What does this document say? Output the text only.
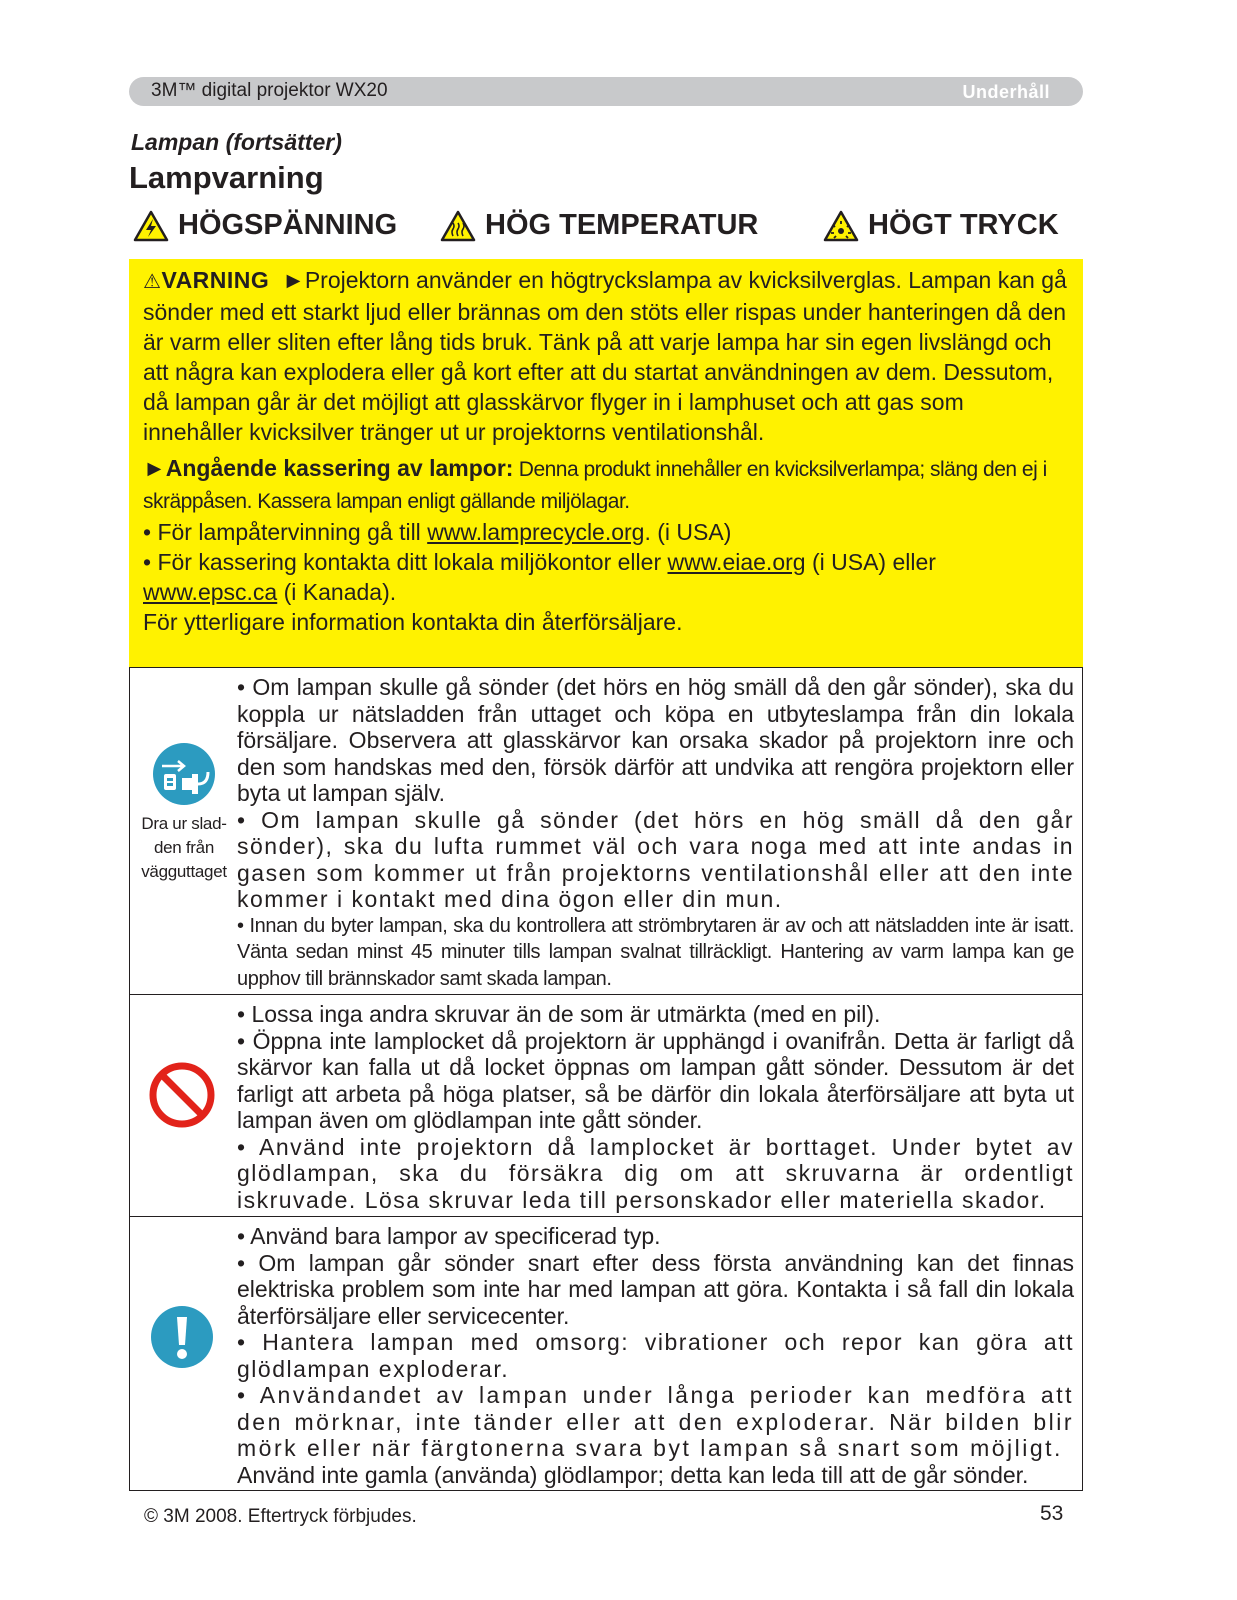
3M™ digital projektor WX20	Underhåll
Lampan (fortsätter)
Lampvarning
HÖGSPÄNNING	HÖG TEMPERATUR	HÖGT TRYCK

⚠VARNING ►Projektorn använder en högtryckslampa av kvicksilverglas. Lampan kan gå sönder med ett starkt ljud eller brännas om den stöts eller rispas under hanteringen då den är varm eller sliten efter lång tids bruk. Tänk på att varje lampa har sin egen livslängd och att några kan explodera eller gå kort efter att du startat användningen av dem. Dessutom, då lampan går är det möjligt att glasskärvor flyger in i lamphuset och att gas som innehåller kvicksilver tränger ut ur projektorns ventilationshål.

►Angående kassering av lampor: Denna produkt innehåller en kvicksilverlampa; släng den ej i skräppåsen. Kassera lampan enligt gällande miljölagar.

• För lampåtervinning gå till www.lamprecycle.org. (i USA)

• För kassering kontakta ditt lokala miljökontor eller www.eiae.org (i USA) eller www.epsc.ca (i Kanada).

För ytterligare information kontakta din återförsäljare.

Dra ur slad-
den från
vägguttaget

• Om lampan skulle gå sönder (det hörs en hög smäll då den går sönder), ska du koppla ur nätsladden från uttaget och köpa en utbyteslampa från din lokala försäljare. Observera att glasskärvor kan orsaka skador på projektorn inre och den som handskas med den, försök därför att undvika att rengöra projektorn eller byta ut lampan själv.

• Om lampan skulle gå sönder (det hörs en hög smäll då den går sönder), ska du lufta rummet väl och vara noga med att inte andas in gasen som kommer ut från projektorns ventilationshål eller att den inte kommer i kontakt med dina ögon eller din mun.

• Innan du byter lampan, ska du kontrollera att strömbrytaren är av och att nätsladden inte är isatt. Vänta sedan minst 45 minuter tills lampan svalnat tillräckligt. Hantering av varm lampa kan ge upphov till brännskador samt skada lampan.

• Lossa inga andra skruvar än de som är utmärkta (med en pil).

• Öppna inte lamplocket då projektorn är upphängd i ovanifrån. Detta är farligt då skärvor kan falla ut då locket öppnas om lampan gått sönder. Dessutom är det farligt att arbeta på höga platser, så be därför din lokala återförsäljare att byta ut lampan även om glödlampan inte gått sönder.

• Använd inte projektorn då lamplocket är borttaget. Under bytet av glödlampan, ska du försäkra dig om att skruvarna är ordentligt iskruvade. Lösa skruvar leda till personskador eller materiella skador.

• Använd bara lampor av specificerad typ.

• Om lampan går sönder snart efter dess första användning kan det finnas elektriska problem som inte har med lampan att göra. Kontakta i så fall din lokala återförsäljare eller servicecenter.

• Hantera lampan med omsorg: vibrationer och repor kan göra att glödlampan exploderar.

• Användandet av lampan under långa perioder kan medföra att den mörknar, inte tänder eller att den exploderar. När bilden blir mörk eller när färgtonerna svara byt lampan så snart som möjligt.

Använd inte gamla (använda) glödlampor; detta kan leda till att de går sönder.

© 3M 2008. Eftertryck förbjudes.	53
